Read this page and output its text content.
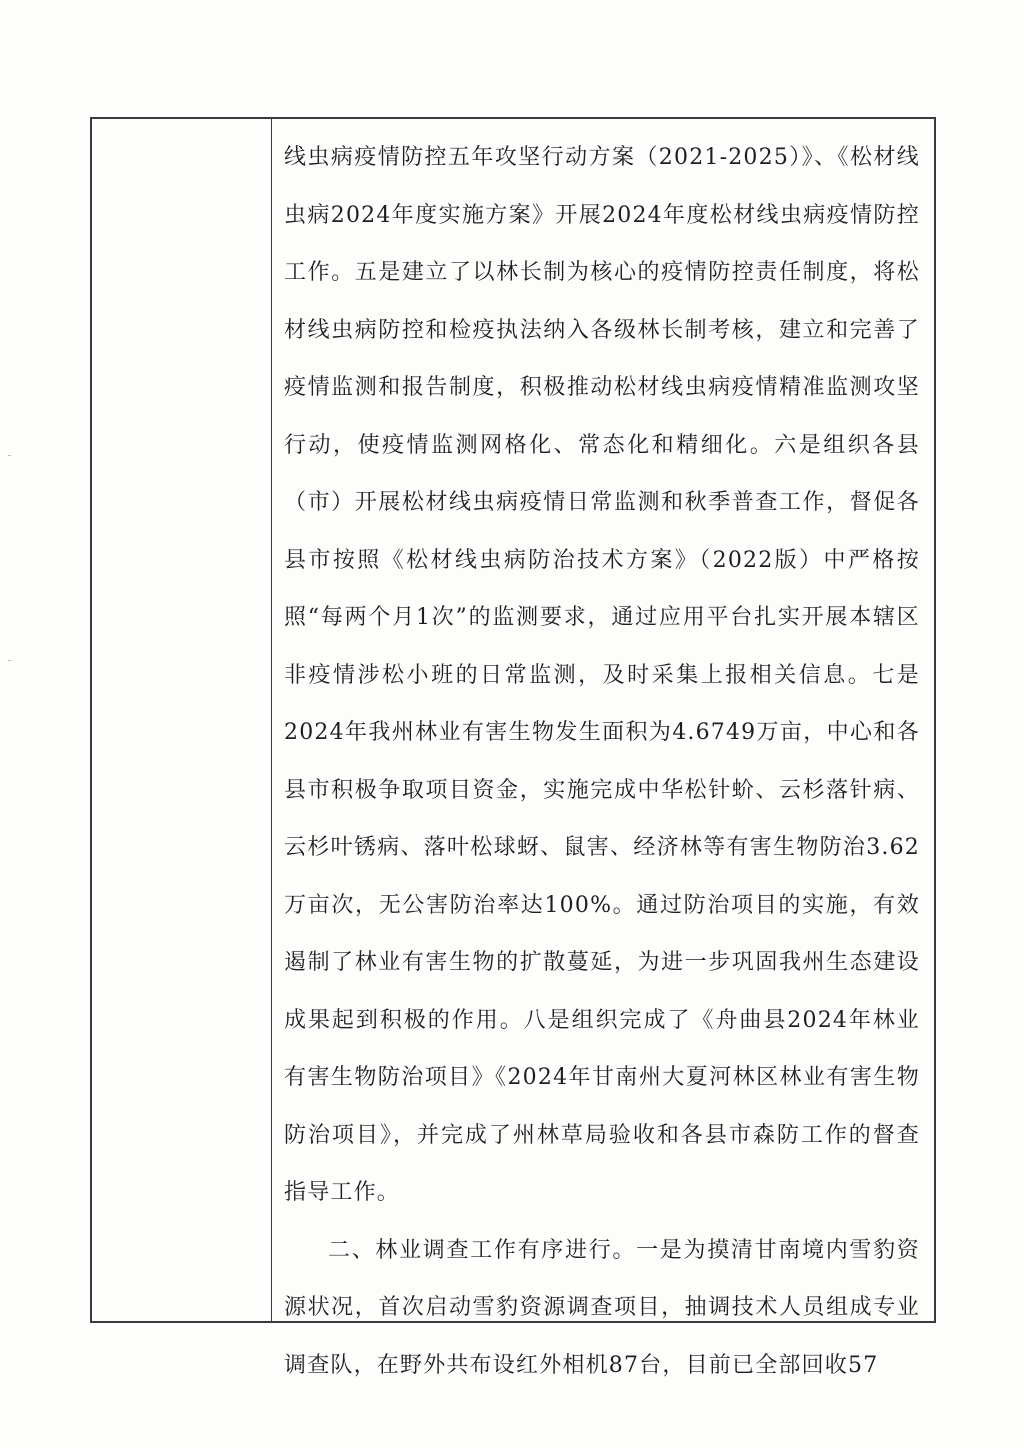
线虫病疫情防控五年攻坚行动方案（2021-2025）》、《松材线虫病2024年度实施方案》开展2024年度松材线虫病疫情防控工作。五是建立了以林长制为核心的疫情防控责任制度，将松材线虫病防控和检疫执法纳入各级林长制考核，建立和完善了疫情监测和报告制度，积极推动松材线虫病疫情精准监测攻坚行动，使疫情监测网格化、常态化和精细化。六是组织各县（市）开展松材线虫病疫情日常监测和秋季普查工作，督促各县市按照《松材线虫病防治技术方案》（2022版）中严格按照“每两个月1次”的监测要求，通过应用平台扎实开展本辖区非疫情涉松小班的日常监测，及时采集上报相关信息。七是2024年我州林业有害生物发生面积为4.6749万亩，中心和各县市积极争取项目资金，实施完成中华松针蚧、云杉落针病、云杉叶锈病、落叶松球蚜、鼠害、经济林等有害生物防治3.62万亩次，无公害防治率达100%。通过防治项目的实施，有效遏制了林业有害生物的扩散蔓延，为进一步巩固我州生态建设成果起到积极的作用。八是组织完成了《舟曲县2024年林业有害生物防治项目》《2024年甘南州大夏河林区林业有害生物防治项目》，并完成了州林草局验收和各县市森防工作的督查指导工作。

二、林业调查工作有序进行。一是为摸清甘南境内雪豹资源状况，首次启动雪豹资源调查项目，抽调技术人员组成专业调查队，在野外共布设红外相机87台，目前已全部回收57
